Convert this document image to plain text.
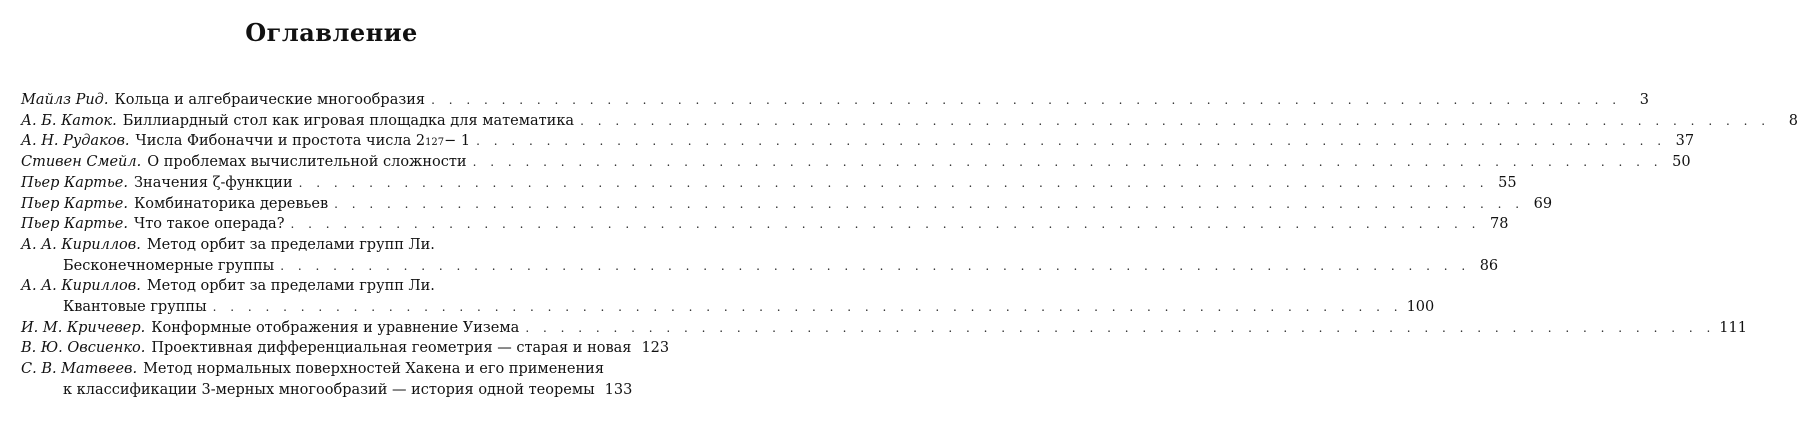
Оглавление
Майлз Рид. Кольца и алгебраические многообразия . . .	3
А. Б. Каток. Биллиардный стол как игровая площадка для математика . . .	8
А. Н. Рудаков. Числа Фибоначчи и простота числа 2 127 − 1 . . .	37
Стивен Смейл. О проблемах вычислительной сложности . . .	50
Пьер Картье. Значения ζ-функции . . .	55
Пьер Картье. Комбинаторика деревьев . . .	69
Пьер Картье. Что такое операда? . . .	78
А. А. Кириллов. Метод орбит за пределами групп Ли.
Бесконечномерные группы . . .	86
А. А. Кириллов. Метод орбит за пределами групп Ли.
Квантовые группы . . .	100
И. М. Кричевер. Конформные отображения и уравнение Уизема . . .	111
В. Ю. Овсиенко. Проективная дифференциальная геометрия — старая и новая 123
С. В. Матвеев. Метод нормальных поверхностей Хакена и его применения
к классификации 3-мерных многообразий — история одной теоремы 133
